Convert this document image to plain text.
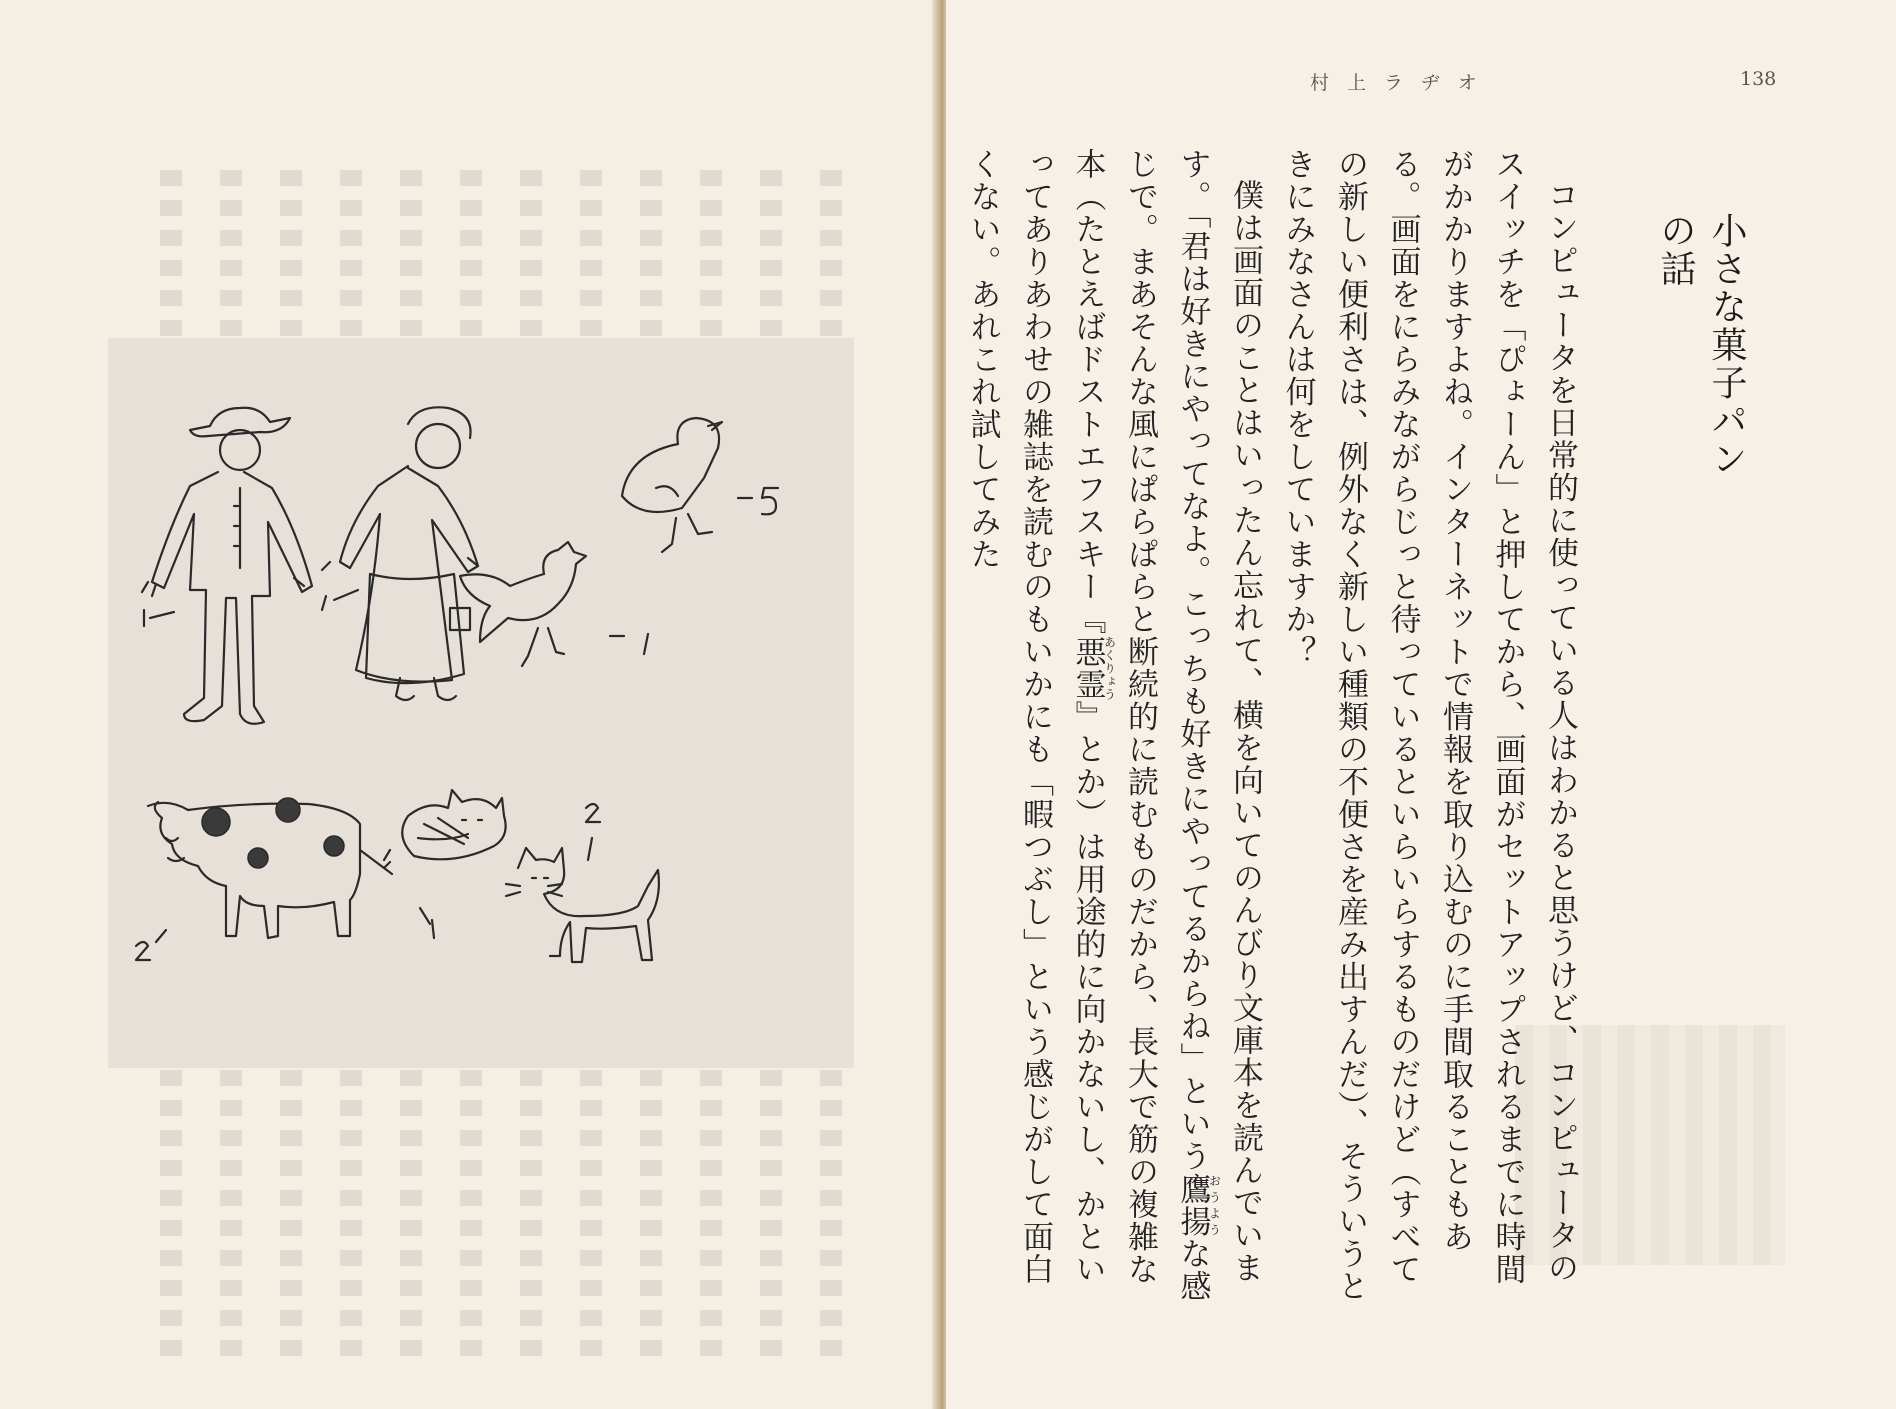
村上ラヂオ	138
小さな菓子パンの話

コンピュータを日常的に使っている人はわかると思うけど、コンピュータのスイッチを「ぴょーん」と押してから、画面がセットアップされるまでに時間がかかりますよね。インターネットで情報を取り込むのに手間取ることもある。画面をにらみながらじっと待っているといらいらするものだけど（すべての新しい便利さは、例外なく新しい種類の不便さを産み出すんだ）、そういうときにみなさんは何をしていますか？

僕は画面のことはいったん忘れて、横を向いてのんびり文庫本を読んでいます。「君は好きにやってなよ。こっちも好きにやってるからね」という鷹揚おうような感じで。まあそんな風にぱらぱらと断続的に読むものだから、長大で筋の複雑な本（たとえばドストエフスキー『悪霊あくりょう』とか）は用途的に向かないし、かといってありあわせの雑誌を読むのもいかにも「暇つぶし」という感じがして面白くない。あれこれ試してみた
